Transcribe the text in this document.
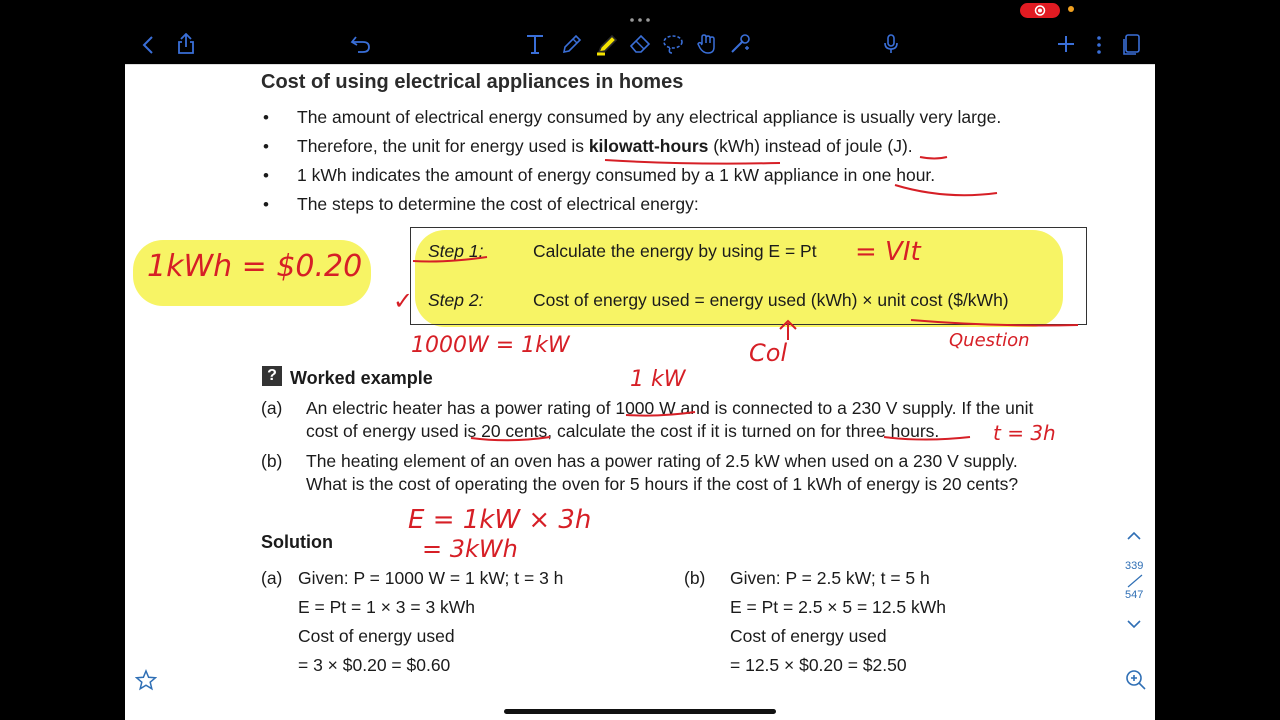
3:24 PM Sat 4 Mar	50%
Cost of using electrical appliances in homes
• The amount of electrical energy consumed by any electrical appliance is usually very large.
• Therefore, the unit for energy used is kilowatt-hours (kWh) instead of joule (J).
• 1 kWh indicates the amount of energy consumed by a 1 kW appliance in one hour.
• The steps to determine the cost of electrical energy:
Step 1:	Calculate the energy by using E = Pt
Step 2:	Cost of energy used = energy used (kWh) × unit cost ($/kWh)
? Worked example
(a) An electric heater has a power rating of 1000 W and is connected to a 230 V supply. If the unit
cost of energy used is 20 cents, calculate the cost if it is turned on for three hours.
(b) The heating element of an oven has a power rating of 2.5 kW when used on a 230 V supply.
What is the cost of operating the oven for 5 hours if the cost of 1 kWh of energy is 20 cents?
Solution
(a) Given: P = 1000 W = 1 kW; t = 3 h
E = Pt = 1 × 3 = 3 kWh
Cost of energy used
= 3 × $0.20 = $0.60
(b) Given: P = 2.5 kW; t = 5 h
E = Pt = 2.5 × 5 = 12.5 kWh
Cost of energy used
= 12.5 × $0.20 = $2.50
1kWh = $0.20	= VIt
✓
1000W = 1kW	Col	Question
1 kW
t = 3h
E = 1kW × 3h
= 3kWh
339
547
